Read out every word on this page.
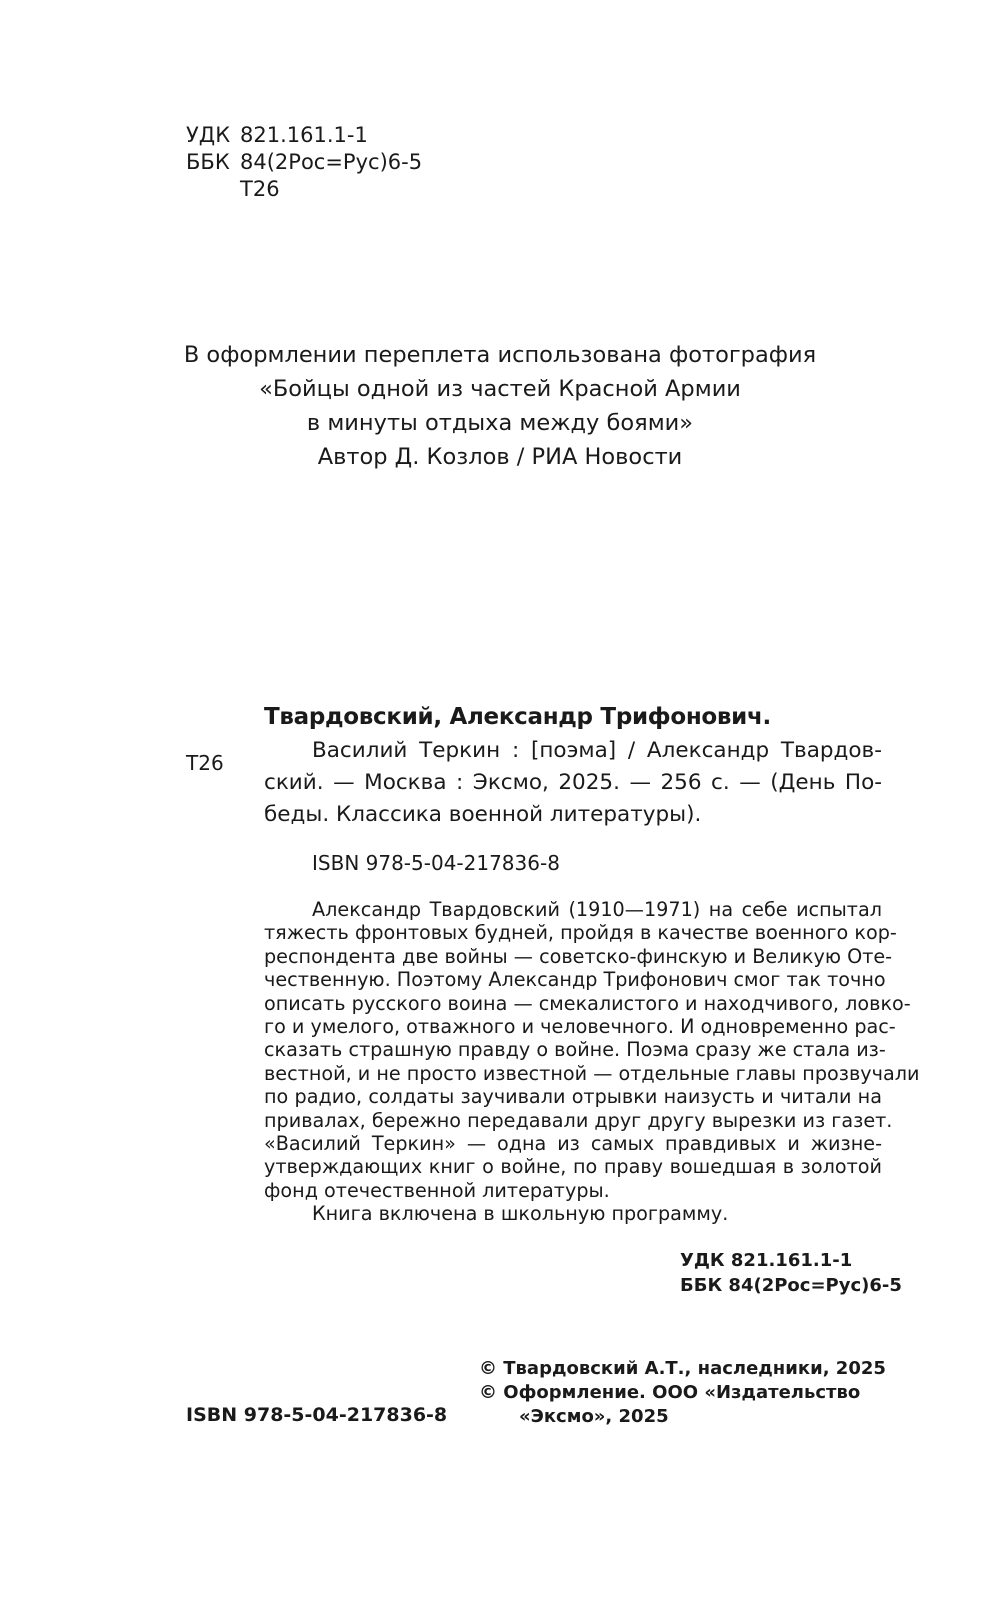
УДК 821.161.1-1
ББК 84(2Рос=Рус)6-5
Т26
В оформлении переплета использована фотография
«Бойцы одной из частей Красной Армии
в минуты отдыха между боями»
Автор Д. Козлов / РИА Новости
Твардовский, Александр Трифонович.
Т26	Василий Теркин : [поэма] / Александр Твардов-
ский. — Москва : Эксмо, 2025. — 256 с. — (День По-
беды. Классика военной литературы).
ISBN 978-5-04-217836-8
Александр Твардовский (1910—1971) на себе испытал
тяжесть фронтовых будней, пройдя в качестве военного кор-
респондента две войны — советско-финскую и Великую Оте-
чественную. Поэтому Александр Трифонович смог так точно
описать русского воина — смекалистого и находчивого, ловко-
го и умелого, отважного и человечного. И одновременно рас-
сказать страшную правду о войне. Поэма сразу же стала из-
вестной, и не просто известной — отдельные главы прозвучали
по радио, солдаты заучивали отрывки наизусть и читали на
привалах, бережно передавали друг другу вырезки из газет.
«Василий Теркин» — одна из самых правдивых и жизне-
утверждающих книг о войне, по праву вошедшая в золотой
фонд отечественной литературы.
Книга включена в школьную программу.
УДК 821.161.1-1
ББК 84(2Рос=Рус)6-5
© Твардовский А.Т., наследники, 2025
© Оформление. ООО «Издательство
«Эксмо», 2025
ISBN 978-5-04-217836-8
